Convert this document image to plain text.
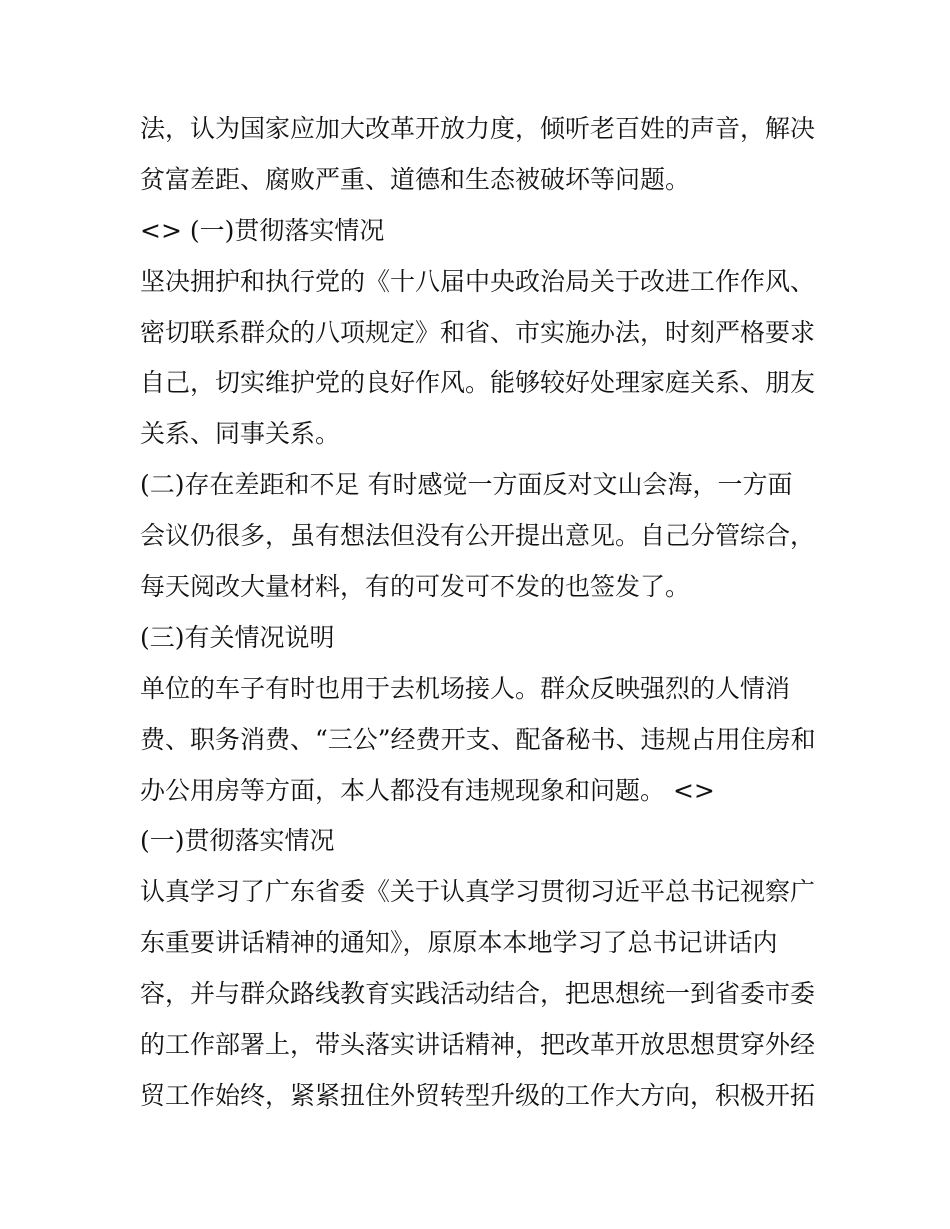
法，认为国家应加大改革开放力度，倾听老百姓的声音，解决

贫富差距、腐败严重、道德和生态被破坏等问题。

<> (一)贯彻落实情况

坚决拥护和执行党的《十八届中央政治局关于改进工作作风、

密切联系群众的八项规定》和省、市实施办法，时刻严格要求

自己，切实维护党的良好作风。能够较好处理家庭关系、朋友

关系、同事关系。

(二)存在差距和不足 有时感觉一方面反对文山会海，一方面

会议仍很多，虽有想法但没有公开提出意见。自己分管综合，

每天阅改大量材料，有的可发可不发的也签发了。

(三)有关情况说明

单位的车子有时也用于去机场接人。群众反映强烈的人情消

费、职务消费、“三公”经费开支、配备秘书、违规占用住房和

办公用房等方面，本人都没有违规现象和问题。 <>

(一)贯彻落实情况

认真学习了广东省委《关于认真学习贯彻习近平总书记视察广

东重要讲话精神的通知》，原原本本地学习了总书记讲话内

容，并与群众路线教育实践活动结合，把思想统一到省委市委

的工作部署上，带头落实讲话精神，把改革开放思想贯穿外经

贸工作始终，紧紧扭住外贸转型升级的工作大方向，积极开拓
